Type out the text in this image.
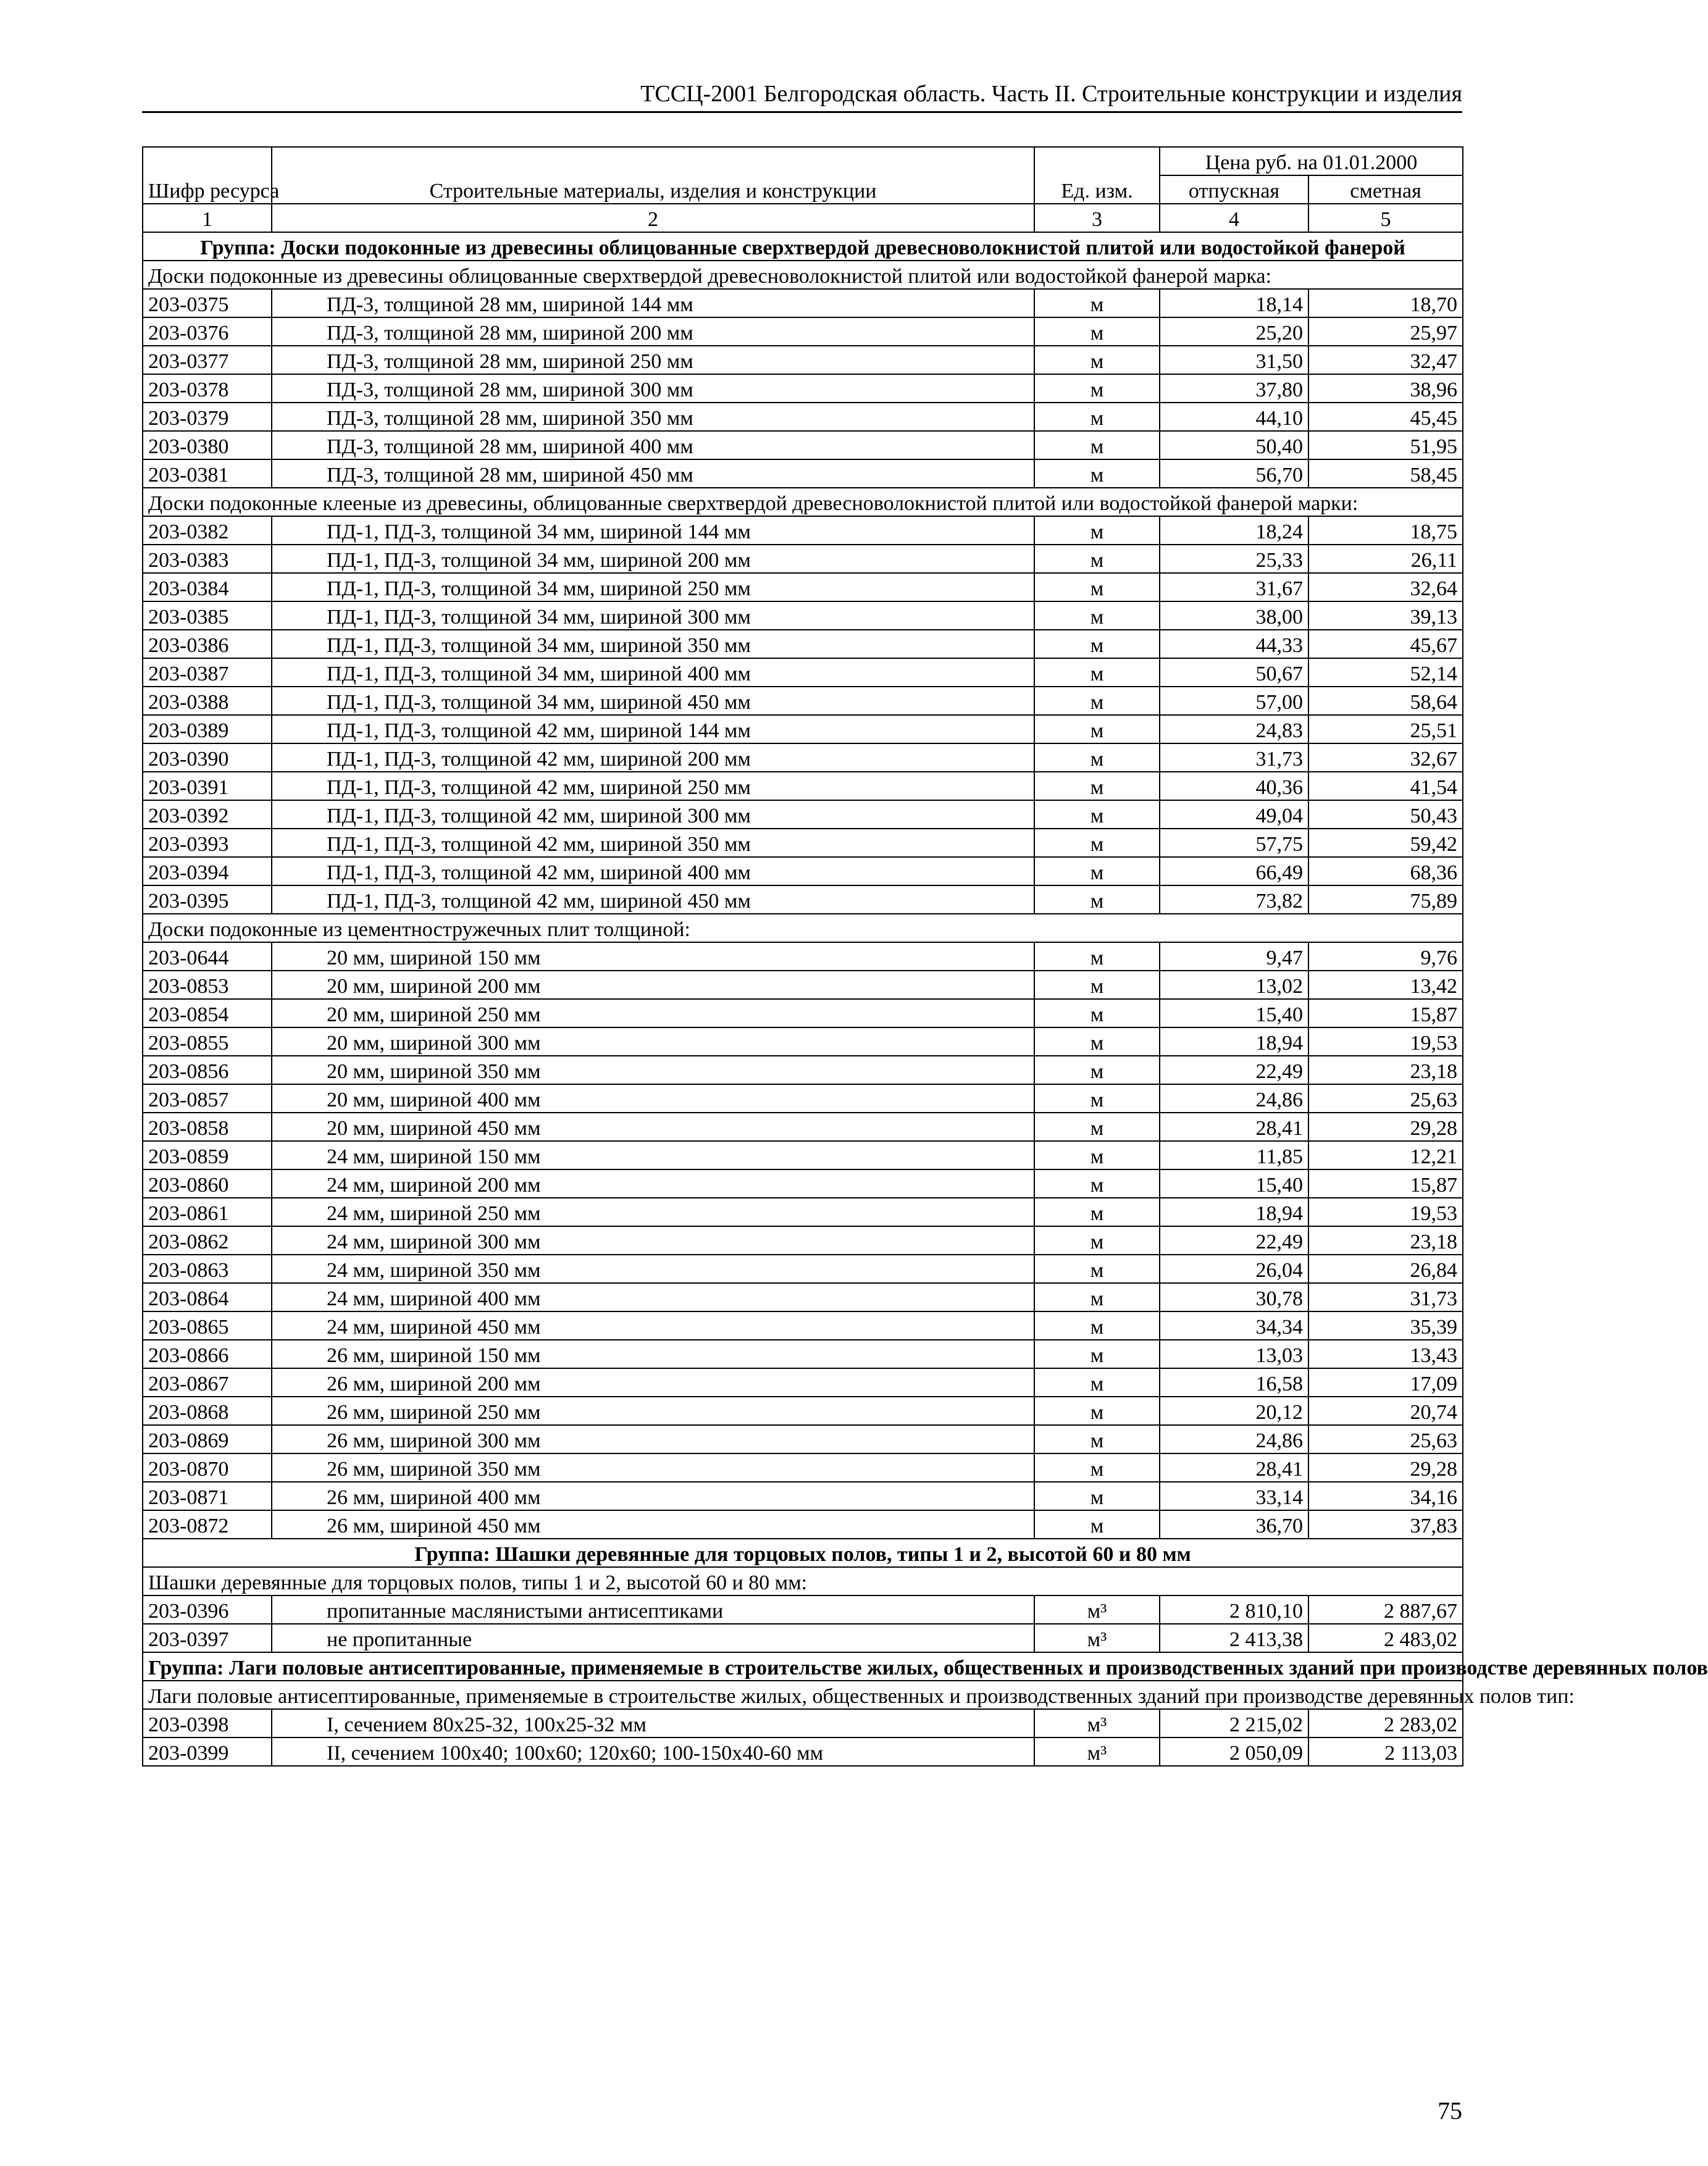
ТССЦ-2001 Белгородская область. Часть II. Строительные конструкции и изделия
Шифр ресурса	Строительные материалы, изделия и конструкции	Ед. изм.	Цена руб. на 01.01.2000	
			отпускная	сметная
1	2	3	4	5
Группа: Доски подоконные из древесины облицованные сверхтвердой древесноволокнистой плитой или водостойкой фанерой				
Доски подоконные из древесины облицованные сверхтвердой древесноволокнистой плитой или водостойкой фанерой марка:				
203-0375	ПД-3, толщиной 28 мм, шириной 144 мм	м	18,14	18,70
203-0376	ПД-3, толщиной 28 мм, шириной 200 мм	м	25,20	25,97
203-0377	ПД-3, толщиной 28 мм, шириной 250 мм	м	31,50	32,47
203-0378	ПД-3, толщиной 28 мм, шириной 300 мм	м	37,80	38,96
203-0379	ПД-3, толщиной 28 мм, шириной 350 мм	м	44,10	45,45
203-0380	ПД-3, толщиной 28 мм, шириной 400 мм	м	50,40	51,95
203-0381	ПД-3, толщиной 28 мм, шириной 450 мм	м	56,70	58,45
Доски подоконные клееные из древесины, облицованные сверхтвердой древесноволокнистой плитой или водостойкой фанерой марки:				
203-0382	ПД-1, ПД-3, толщиной 34 мм, шириной 144 мм	м	18,24	18,75
203-0383	ПД-1, ПД-3, толщиной 34 мм, шириной 200 мм	м	25,33	26,11
203-0384	ПД-1, ПД-3, толщиной 34 мм, шириной 250 мм	м	31,67	32,64
203-0385	ПД-1, ПД-3, толщиной 34 мм, шириной 300 мм	м	38,00	39,13
203-0386	ПД-1, ПД-3, толщиной 34 мм, шириной 350 мм	м	44,33	45,67
203-0387	ПД-1, ПД-3, толщиной 34 мм, шириной 400 мм	м	50,67	52,14
203-0388	ПД-1, ПД-3, толщиной 34 мм, шириной 450 мм	м	57,00	58,64
203-0389	ПД-1, ПД-3, толщиной 42 мм, шириной 144 мм	м	24,83	25,51
203-0390	ПД-1, ПД-3, толщиной 42 мм, шириной 200 мм	м	31,73	32,67
203-0391	ПД-1, ПД-3, толщиной 42 мм, шириной 250 мм	м	40,36	41,54
203-0392	ПД-1, ПД-3, толщиной 42 мм, шириной 300 мм	м	49,04	50,43
203-0393	ПД-1, ПД-3, толщиной 42 мм, шириной 350 мм	м	57,75	59,42
203-0394	ПД-1, ПД-3, толщиной 42 мм, шириной 400 мм	м	66,49	68,36
203-0395	ПД-1, ПД-3, толщиной 42 мм, шириной 450 мм	м	73,82	75,89
Доски подоконные из цементностружечных плит толщиной:				
203-0644	20 мм, шириной 150 мм	м	9,47	9,76
203-0853	20 мм, шириной 200 мм	м	13,02	13,42
203-0854	20 мм, шириной 250 мм	м	15,40	15,87
203-0855	20 мм, шириной 300 мм	м	18,94	19,53
203-0856	20 мм, шириной 350 мм	м	22,49	23,18
203-0857	20 мм, шириной 400 мм	м	24,86	25,63
203-0858	20 мм, шириной 450 мм	м	28,41	29,28
203-0859	24 мм, шириной 150 мм	м	11,85	12,21
203-0860	24 мм, шириной 200 мм	м	15,40	15,87
203-0861	24 мм, шириной 250 мм	м	18,94	19,53
203-0862	24 мм, шириной 300 мм	м	22,49	23,18
203-0863	24 мм, шириной 350 мм	м	26,04	26,84
203-0864	24 мм, шириной 400 мм	м	30,78	31,73
203-0865	24 мм, шириной 450 мм	м	34,34	35,39
203-0866	26 мм, шириной 150 мм	м	13,03	13,43
203-0867	26 мм, шириной 200 мм	м	16,58	17,09
203-0868	26 мм, шириной 250 мм	м	20,12	20,74
203-0869	26 мм, шириной 300 мм	м	24,86	25,63
203-0870	26 мм, шириной 350 мм	м	28,41	29,28
203-0871	26 мм, шириной 400 мм	м	33,14	34,16
203-0872	26 мм, шириной 450 мм	м	36,70	37,83
Группа: Шашки деревянные для торцовых полов, типы 1 и 2, высотой 60 и 80 мм				
Шашки деревянные для торцовых полов, типы 1 и 2, высотой 60 и 80 мм:				
203-0396	пропитанные маслянистыми антисептиками	м³	2 810,10	2 887,67
203-0397	не пропитанные	м³	2 413,38	2 483,02
Группа: Лаги половые антисептированные, применяемые в строительстве жилых, общественных и производственных зданий при производстве деревянных полов				
Лаги половые антисептированные, применяемые в строительстве жилых, общественных и производственных зданий при производстве деревянных полов тип:				
203-0398	I, сечением 80х25-32, 100х25-32 мм	м³	2 215,02	2 283,02
203-0399	II, сечением 100х40; 100х60; 120х60; 100-150х40-60 мм	м³	2 050,09	2 113,03
75
